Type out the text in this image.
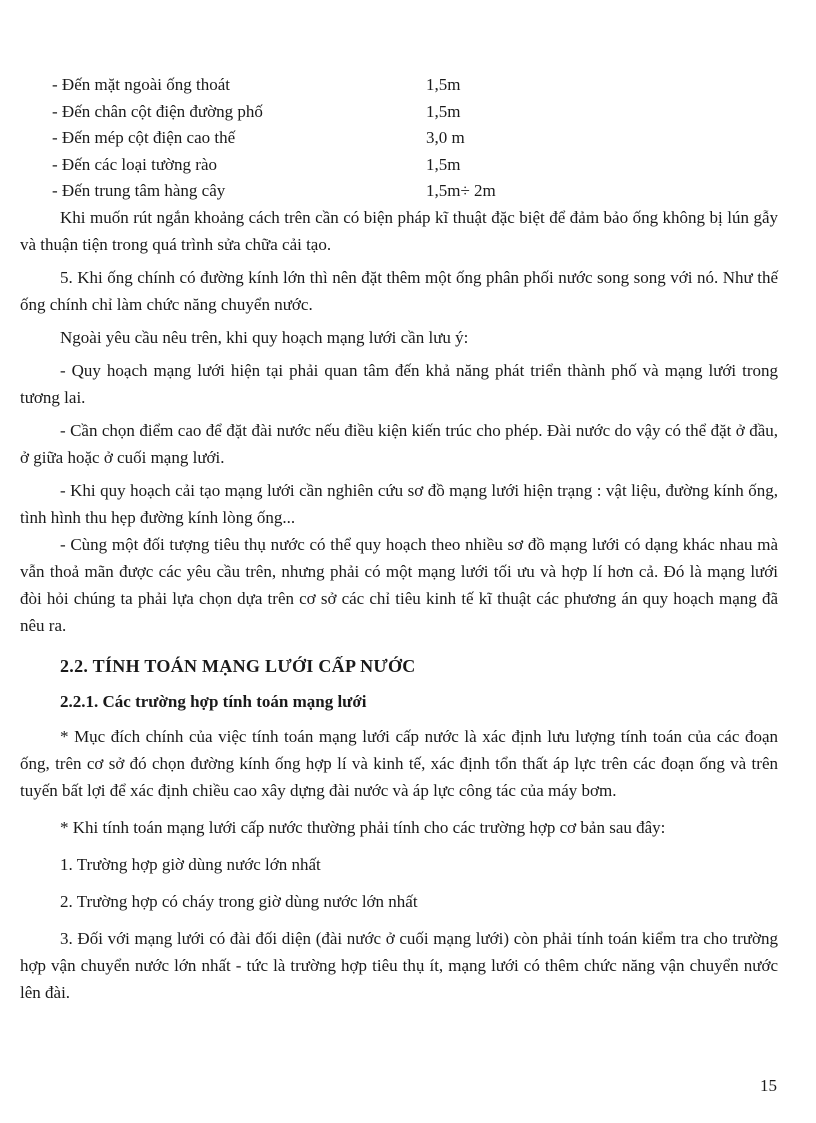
- Đến mặt ngoài ống thoát	1,5m
- Đến chân cột điện đường phố	1,5m
- Đến mép cột điện cao thế	3,0 m
- Đến các loại tường rào	1,5m
- Đến trung tâm hàng cây	1,5m÷ 2m

Khi muốn rút ngắn khoảng cách trên cần có biện pháp kĩ thuật đặc biệt để đảm bảo ống không bị lún gẫy và thuận tiện trong quá trình sửa chữa cải tạo.

5. Khi ống chính có đường kính lớn thì nên đặt thêm một ống phân phối nước song song với nó. Như thế ống chính chỉ làm chức năng chuyển nước.

Ngoài yêu cầu nêu trên, khi quy hoạch mạng lưới cần lưu ý:

- Quy hoạch mạng lưới hiện tại phải quan tâm đến khả năng phát triển thành phố và mạng lưới trong tương lai.

- Cần chọn điểm cao để đặt đài nước nếu điều kiện kiến trúc cho phép. Đài nước do vậy có thể đặt ở đầu, ở giữa hoặc ở cuối mạng lưới.

- Khi quy hoạch cải tạo mạng lưới cần nghiên cứu sơ đồ mạng lưới hiện trạng : vật liệu, đường kính ống, tình hình thu hẹp đường kính lòng ống...

- Cùng một đối tượng tiêu thụ nước có thể quy hoạch theo nhiều sơ đồ mạng lưới có dạng khác nhau mà vẫn thoả mãn được các yêu cầu trên, nhưng phải có một mạng lưới tối ưu và hợp lí hơn cả. Đó là mạng lưới đòi hỏi chúng ta phải lựa chọn dựa trên cơ sở các chỉ tiêu kinh tế kĩ thuật các phương án quy hoạch mạng đã nêu ra.

2.2. TÍNH TOÁN MẠNG LƯỚI CẤP NƯỚC
2.2.1. Các trường hợp tính toán mạng lưới

* Mục đích chính của việc tính toán mạng lưới cấp nước là xác định lưu lượng tính toán của các đoạn ống, trên cơ sở đó chọn đường kính ống hợp lí và kinh tế, xác định tổn thất áp lực trên các đoạn ống và trên tuyến bất lợi để xác định chiều cao xây dựng đài nước và áp lực công tác của máy bơm.

* Khi tính toán mạng lưới cấp nước thường phải tính cho các trường hợp cơ bản sau đây:

1. Trường hợp giờ dùng nước lớn nhất

2. Trường hợp có cháy trong giờ dùng nước lớn nhất

3. Đối với mạng lưới có đài đối diện (đài nước ở cuối mạng lưới) còn phải tính toán kiểm tra cho trường hợp vận chuyển nước lớn nhất - tức là trường hợp tiêu thụ ít, mạng lưới có thêm chức năng vận chuyển nước lên đài.

15
